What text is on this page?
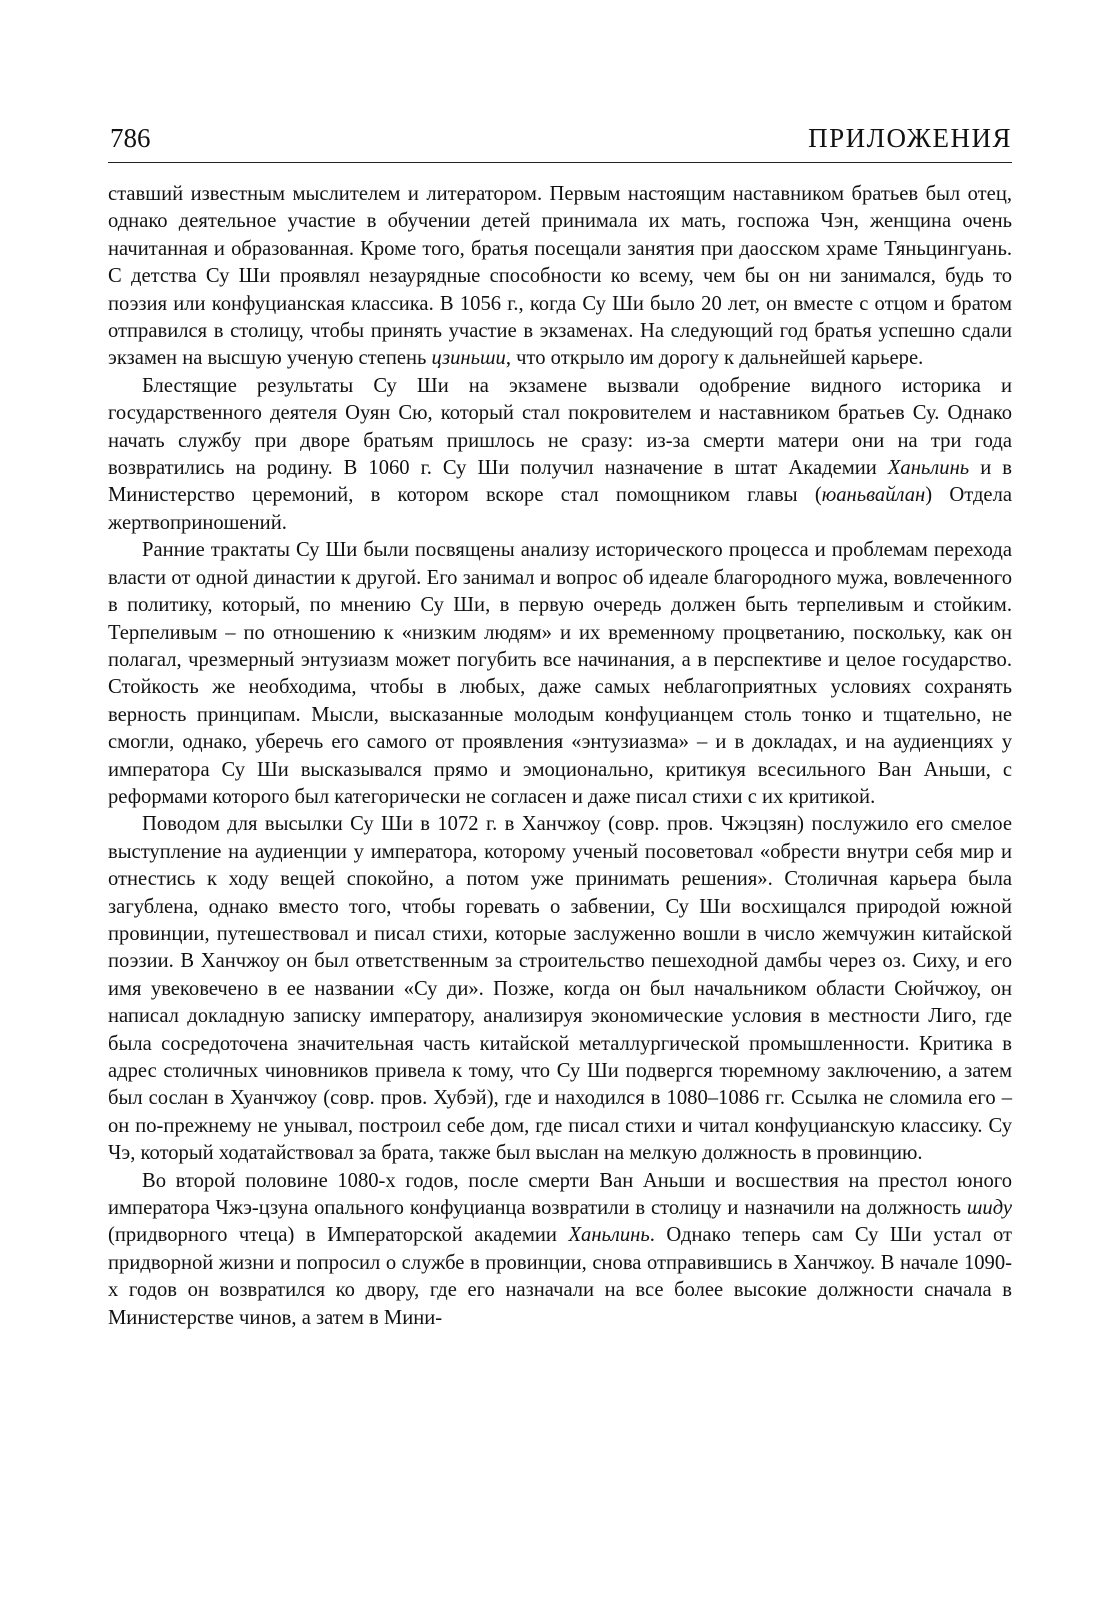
786	ПРИЛОЖЕНИЯ

ставший известным мыслителем и литератором. Первым настоящим наставником братьев был отец, однако деятельное участие в обучении детей принимала их мать, госпожа Чэн, женщина очень начитанная и образованная. Кроме того, братья посещали занятия при даосском храме Тяньцингуань. С детства Су Ши проявлял незаурядные способности ко всему, чем бы он ни занимался, будь то поэзия или конфуцианская классика. В 1056 г., когда Су Ши было 20 лет, он вместе с отцом и братом отправился в столицу, чтобы принять участие в экзаменах. На следующий год братья успешно сдали экзамен на высшую ученую степень цзиньши, что открыло им дорогу к дальнейшей карьере.

Блестящие результаты Су Ши на экзамене вызвали одобрение видного историка и государственного деятеля Оуян Сю, который стал покровителем и наставником братьев Су. Однако начать службу при дворе братьям пришлось не сразу: из-за смерти матери они на три года возвратились на родину. В 1060 г. Су Ши получил назначение в штат Академии Ханьлинь и в Министерство церемоний, в котором вскоре стал помощником главы (юаньвайлан) Отдела жертвоприношений.

Ранние трактаты Су Ши были посвящены анализу исторического процесса и проблемам перехода власти от одной династии к другой. Его занимал и вопрос об идеале благородного мужа, вовлеченного в политику, который, по мнению Су Ши, в первую очередь должен быть терпеливым и стойким. Терпеливым – по отношению к «низким людям» и их временному процветанию, поскольку, как он полагал, чрезмерный энтузиазм может погубить все начинания, а в перспективе и целое государство. Стойкость же необходима, чтобы в любых, даже самых неблагоприятных условиях сохранять верность принципам. Мысли, высказанные молодым конфуцианцем столь тонко и тщательно, не смогли, однако, уберечь его самого от проявления «энтузиазма» – и в докладах, и на аудиенциях у императора Су Ши высказывался прямо и эмоционально, критикуя всесильного Ван Аньши, с реформами которого был категорически не согласен и даже писал стихи с их критикой.

Поводом для высылки Су Ши в 1072 г. в Ханчжоу (совр. пров. Чжэцзян) послужило его смелое выступление на аудиенции у императора, которому ученый посоветовал «обрести внутри себя мир и отнестись к ходу вещей спокойно, а потом уже принимать решения». Столичная карьера была загублена, однако вместо того, чтобы горевать о забвении, Су Ши восхищался природой южной провинции, путешествовал и писал стихи, которые заслуженно вошли в число жемчужин китайской поэзии. В Ханчжоу он был ответственным за строительство пешеходной дамбы через оз. Сиху, и его имя увековечено в ее названии «Су ди». Позже, когда он был начальником области Сюйчжоу, он написал докладную записку императору, анализируя экономические условия в местности Лиго, где была сосредоточена значительная часть китайской металлургической промышленности. Критика в адрес столичных чиновников привела к тому, что Су Ши подвергся тюремному заключению, а затем был сослан в Хуанчжоу (совр. пров. Хубэй), где и находился в 1080–1086 гг. Ссылка не сломила его – он по-прежнему не унывал, построил себе дом, где писал стихи и читал конфуцианскую классику. Су Чэ, который ходатайствовал за брата, также был выслан на мелкую должность в провинцию.

Во второй половине 1080-х годов, после смерти Ван Аньши и восшествия на престол юного императора Чжэ-цзуна опального конфуцианца возвратили в столицу и назначили на должность шиду (придворного чтеца) в Императорской академии Ханьлинь. Однако теперь сам Су Ши устал от придворной жизни и попросил о службе в провинции, снова отправившись в Ханчжоу. В начале 1090-х годов он возвратился ко двору, где его назначали на все более высокие должности сначала в Министерстве чинов, а затем в Мини-
